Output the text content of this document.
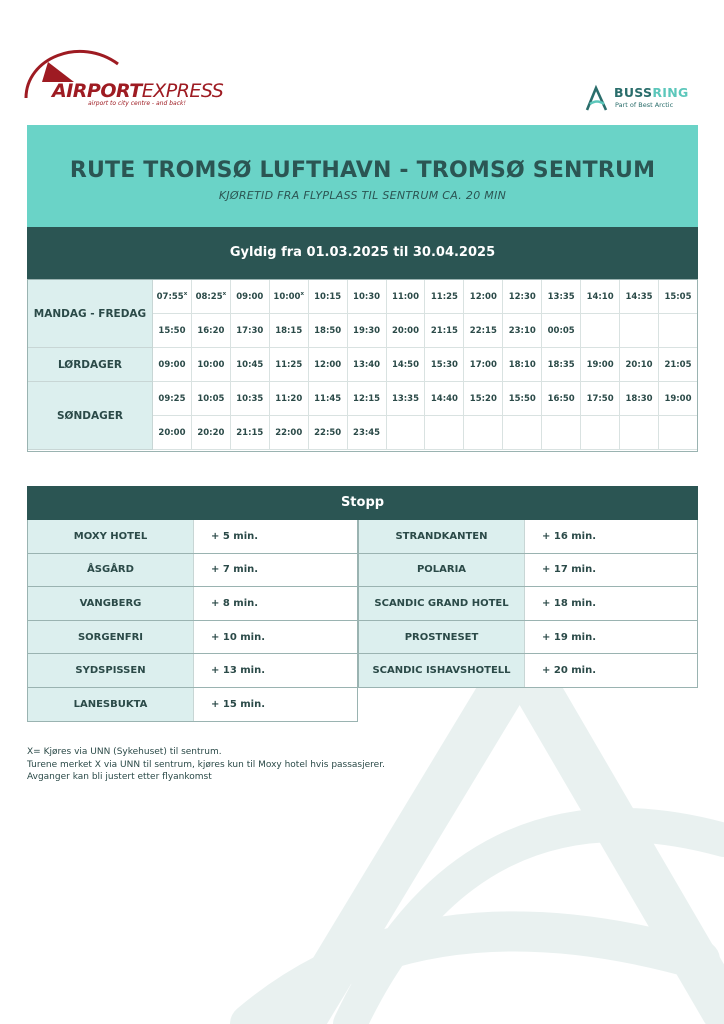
AIRPORTEXPRESS
airport to city centre - and back!
BUSSRING
Part of Best Arctic
RUTE TROMSØ LUFTHAVN - TROMSØ SENTRUM
KJØRETID FRA FLYPLASS TIL SENTRUM CA. 20 MIN
Gyldig fra 01.03.2025 til 30.04.2025
MANDAG - FREDAG	07:55$^x$	08:25$^x$	09:00	10:00$^x$	10:15	10:30	11:00	11:25	12:00	12:30	13:35	14:10	14:35	15:05
	15:50	16:20	17:30	18:15	18:50	19:30	20:00	21:15	22:15	23:10	00:05			
LØRDAGER	09:00	10:00	10:45	11:25	12:00	13:40	14:50	15:30	17:00	18:10	18:35	19:00	20:10	21:05
SØNDAGER	09:25	10:05	10:35	11:20	11:45	12:15	13:35	14:40	15:20	15:50	16:50	17:50	18:30	19:00
	20:00	20:20	21:15	22:00	22:50	23:45								
Stopp
MOXY HOTEL	+ 5 min.
ÅSGÅRD	+ 7 min.
VANGBERG	+ 8 min.
SORGENFRI	+ 10 min.
SYDSPISSEN	+ 13 min.
LANESBUKTA	+ 15 min.
STRANDKANTEN	+ 16 min.
POLARIA	+ 17 min.
SCANDIC GRAND HOTEL	+ 18 min.
PROSTNESET	+ 19 min.
SCANDIC ISHAVSHOTELL	+ 20 min.
X= Kjøres via UNN (Sykehuset) til sentrum.
Turene merket X via UNN til sentrum, kjøres kun til Moxy hotel hvis passasjerer.
Avganger kan bli justert etter flyankomst
